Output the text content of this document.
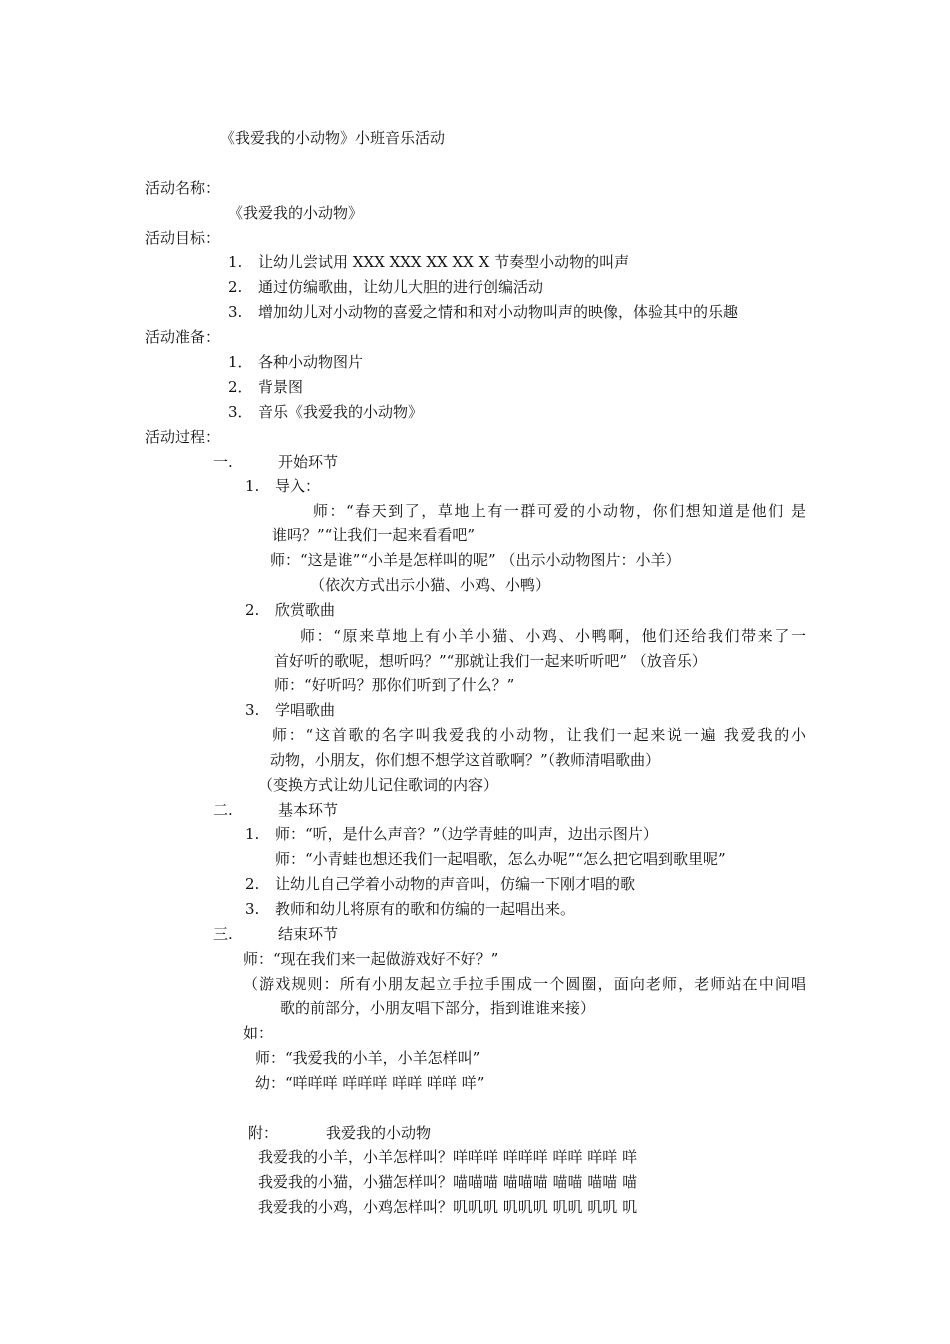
《我爱我的小动物》小班音乐活动
活动名称：
《我爱我的小动物》
活动目标：
1. 让幼儿尝试用 XXX XXX XX XX X 节奏型小动物的叫声
2. 通过仿编歌曲，让幼儿大胆的进行创编活动
3. 增加幼儿对小动物的喜爱之情和和对小动物叫声的映像，体验其中的乐趣
活动准备：
1． 各种小动物图片
2． 背景图
3． 音乐《我爱我的小动物》
活动过程：
一.	开始环节
1. 导入：
师：“春天到了，草地上有一群可爱的小动物，你们想知道是他们 是
谁吗？”“让我们一起来看看吧”
师：“这是谁”“小羊是怎样叫的呢” （出示小动物图片：小羊）
（依次方式出示小猫、小鸡、小鸭）
2. 欣赏歌曲
师：“原来草地上有小羊小猫、小鸡、小鸭啊，他们还给我们带来了一
首好听的歌呢，想听吗？”“那就让我们一起来听听吧” （放音乐）
师：“好听吗？那你们听到了什么？”
3. 学唱歌曲
师：“这首歌的名字叫我爱我的小动物，让我们一起来说一遍 我爱我的小
动物，小朋友，你们想不想学这首歌啊？”（教师清唱歌曲）
（变换方式让幼儿记住歌词的内容）
二.	基本环节
1. 师：“听，是什么声音？”（边学青蛙的叫声，边出示图片）
师：“小青蛙也想还我们一起唱歌，怎么办呢”“怎么把它唱到歌里呢”
2. 让幼儿自己学着小动物的声音叫，仿编一下刚才唱的歌
3. 教师和幼儿将原有的歌和仿编的一起唱出来。
三.	结束环节
师：“现在我们来一起做游戏好不好？”
（游戏规则：所有小朋友起立手拉手围成一个圆圈，面向老师，老师站在中间唱
歌的前部分，小朋友唱下部分，指到谁谁来接）
如：
师：“我爱我的小羊，小羊怎样叫”
幼：“咩咩咩 咩咩咩 咩咩 咩咩 咩”
附：	我爱我的小动物
我爱我的小羊，小羊怎样叫？咩咩咩 咩咩咩 咩咩 咩咩 咩
我爱我的小猫，小猫怎样叫？喵喵喵 喵喵喵 喵喵 喵喵 喵
我爱我的小鸡，小鸡怎样叫？叽叽叽 叽叽叽 叽叽 叽叽 叽
